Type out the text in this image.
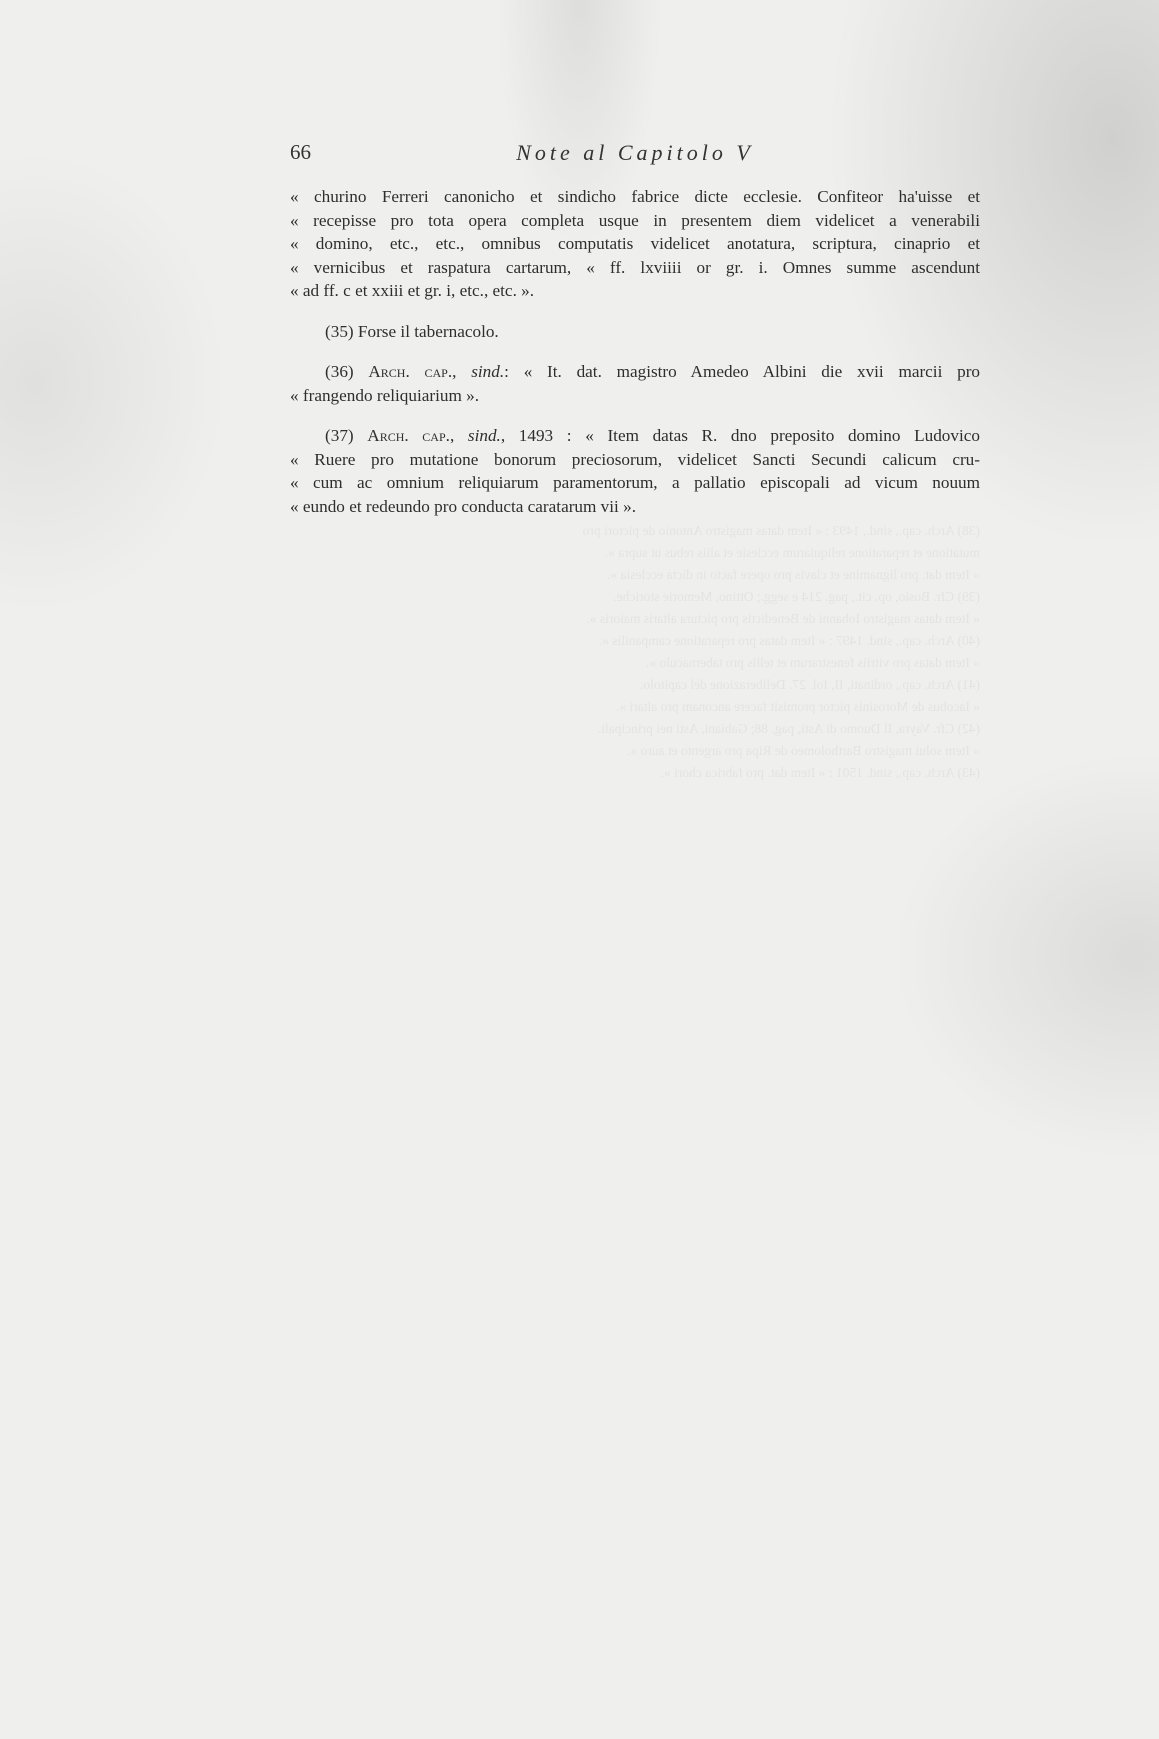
(38) Arch. cap., sind., 1493 : « Item datas magistro Antonio de pictori pro
mutatione et reparatione reliquiarum ecclesie et aliis rebus ut supra ».
« Item dat. pro lignamine et clavis pro opere facto in dicta ecclesia ».
(39) Cfr. Bosio, op. cit., pag. 214 e segg.; Ottino, Memorie storiche.
« Item datas magistro Iohanni de Benedictis pro pictura altaris maioris ».
(40) Arch. cap., sind. 1497 : « Item datas pro reparatione campanilis ».
« Item datas pro vitriis fenestrarum et tellis pro tabernaculo ».
(41) Arch. cap., ordinati, II, fol. 27. Deliberazione del capitolo.
« Iacobus de Morosinis pictor promisit facere anconam pro altari ».
(42) Cfr. Vayra, Il Duomo di Asti, pag. 88; Gabiani, Asti nei principali.
« Item solui magistro Bartholomeo de Ripa pro argento et auro ».
(43) Arch. cap., sind. 1501 : « Item dat. pro fabrica chori ».
66	Note al Capitolo V
« churino Ferreri canonicho et sindicho fabrice dicte ecclesie. Confiteor ha'uisse et
« recepisse pro tota opera completa usque in presentem diem videlicet a venerabili
« domino, etc., etc., omnibus computatis videlicet anotatura, scriptura, cinaprio et
« vernicibus et raspatura cartarum, « ff. lxviiii or gr. i. Omnes summe ascendunt
« ad ff. c et xxiii et gr. i, etc., etc. ».
(35) Forse il tabernacolo.
(36) Arch. cap., sind.: « It. dat. magistro Amedeo Albini die xvii marcii pro
« frangendo reliquiarium ».
(37) Arch. cap., sind., 1493 : « Item datas R. dno preposito domino Ludovico
« Ruere pro mutatione bonorum preciosorum, videlicet Sancti Secundi calicum cru-
« cum ac omnium reliquiarum paramentorum, a pallatio episcopali ad vicum nouum
« eundo et redeundo pro conducta caratarum vii ».
